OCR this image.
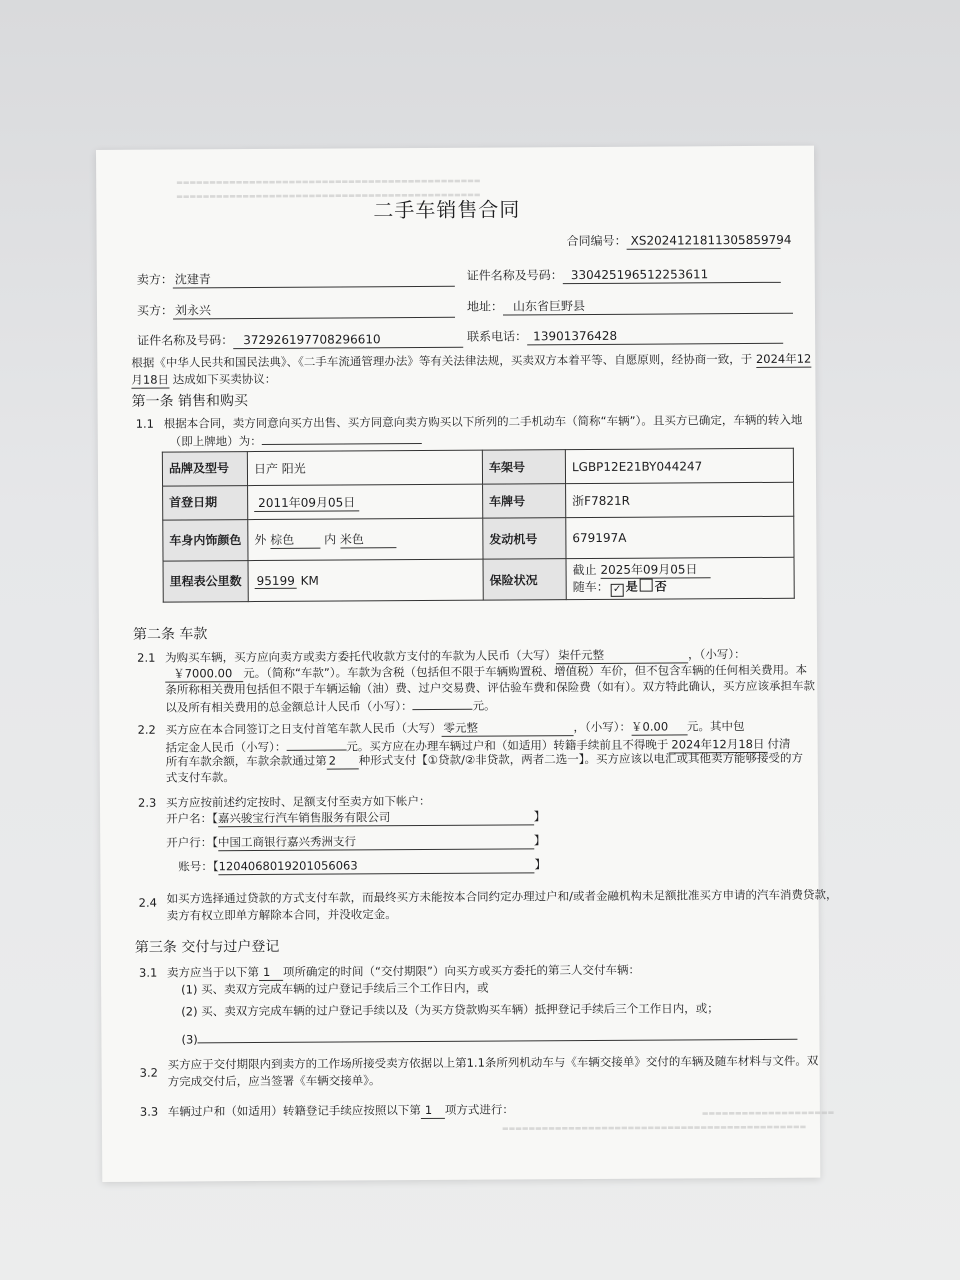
▬▬▬▬▬▬▬▬▬▬▬▬▬▬▬▬▬▬▬▬▬▬▬▬▬▬▬▬▬▬▬▬▬▬▬▬▬▬▬▬▬▬▬▬▬▬
▬▬▬▬▬▬▬▬▬▬▬▬▬▬▬▬▬▬▬▬▬▬▬▬▬▬▬▬▬▬▬▬▬▬▬▬▬▬▬▬▬▬▬▬▬▬
二手车销售合同
合同编号： XS2024121811305859794
卖方： 沈建青	证件名称及号码： 330425196512253611
买方： 刘永兴	地址： 山东省巨野县
证件名称及号码： 372926197708296610	联系电话： 13901376428
根据《中华人民共和国民法典》、《二手车流通管理办法》等有关法律法规，买卖双方本着平等、自愿原则，经协商一致，于 2024年12
月18日 达成如下买卖协议：
第一条 销售和购买
1.1 根据本合同，卖方同意向买方出售、买方同意向卖方购买以下所列的二手机动车（简称“车辆”）。且买方已确定，车辆的转入地
（即上牌地）为：
品牌及型号	日产 阳光	车架号	LGBP12E21BY044247
首登日期	2011年09月05日	车牌号	浙F7821R
车身内饰颜色	外 棕色 内 米色	发动机号	679197A
里程表公里数	95199 KM	保险状况	截止 2025年09月05日
随车： ✓ 是 否
第二条 车款
2.1 为购买车辆，买方应向卖方或卖方委托代收款方支付的车款为人民币（大写） 柒仟元整	，（小写）：
￥7000.00 元。（简称“车款”）。车款为含税（包括但不限于车辆购置税、增值税）车价，但不包含车辆的任何相关费用。本
条所称相关费用包括但不限于车辆运输（油）费、过户交易费、评估验车费和保险费（如有）。双方特此确认，买方应该承担车款
以及所有相关费用的总金额总计人民币（小写）：	元。
2.2 买方应在本合同签订之日支付首笔车款人民币（大写） 零元整	，（小写）：￥0.00 元。其中包
括定金人民币（小写）：	元。买方应在办理车辆过户和（如适用）转籍手续前且不得晚于 2024年12月18日 付清
所有车款余额，车款余款通过第 2 种形式支付【①贷款/②非贷款，两者二选一】。买方应该以电汇或其他卖方能够接受的方
式支付车款。
2.3 买方应按前述约定按时、足额支付至卖方如下帐户：
开户名：【嘉兴骏宝行汽车销售服务有限公司	】
开户行：【中国工商银行嘉兴秀洲支行	】
账号：【1204068019201056063	】
2.4 如买方选择通过贷款的方式支付车款，而最终买方未能按本合同约定办理过户和/或者金融机构未足额批准买方申请的汽车消费贷款，
卖方有权立即单方解除本合同，并没收定金。
第三条 交付与过户登记
3.1 卖方应当于以下第 1 项所确定的时间（“交付期限”）向买方或买方委托的第三人交付车辆：
(1) 买、卖双方完成车辆的过户登记手续后三个工作日内，或
(2) 买、卖双方完成车辆的过户登记手续以及（为买方贷款购买车辆）抵押登记手续后三个工作日内，或；
(3)
3.2
买方应于交付期限内到卖方的工作场所接受卖方依据以上第1.1条所列机动车与《车辆交接单》交付的车辆及随车材料与文件。双
方完成交付后，应当签署《车辆交接单》。
3.3 车辆过户和（如适用）转籍登记手续应按照以下第 1 项方式进行：	▬▬▬▬▬▬▬▬▬▬▬▬▬▬▬▬▬▬▬▬
▬▬▬▬▬▬▬▬▬▬▬▬▬▬▬▬▬▬▬▬▬▬▬▬▬▬▬▬▬▬▬▬▬▬▬▬▬▬▬▬▬▬▬▬▬▬
